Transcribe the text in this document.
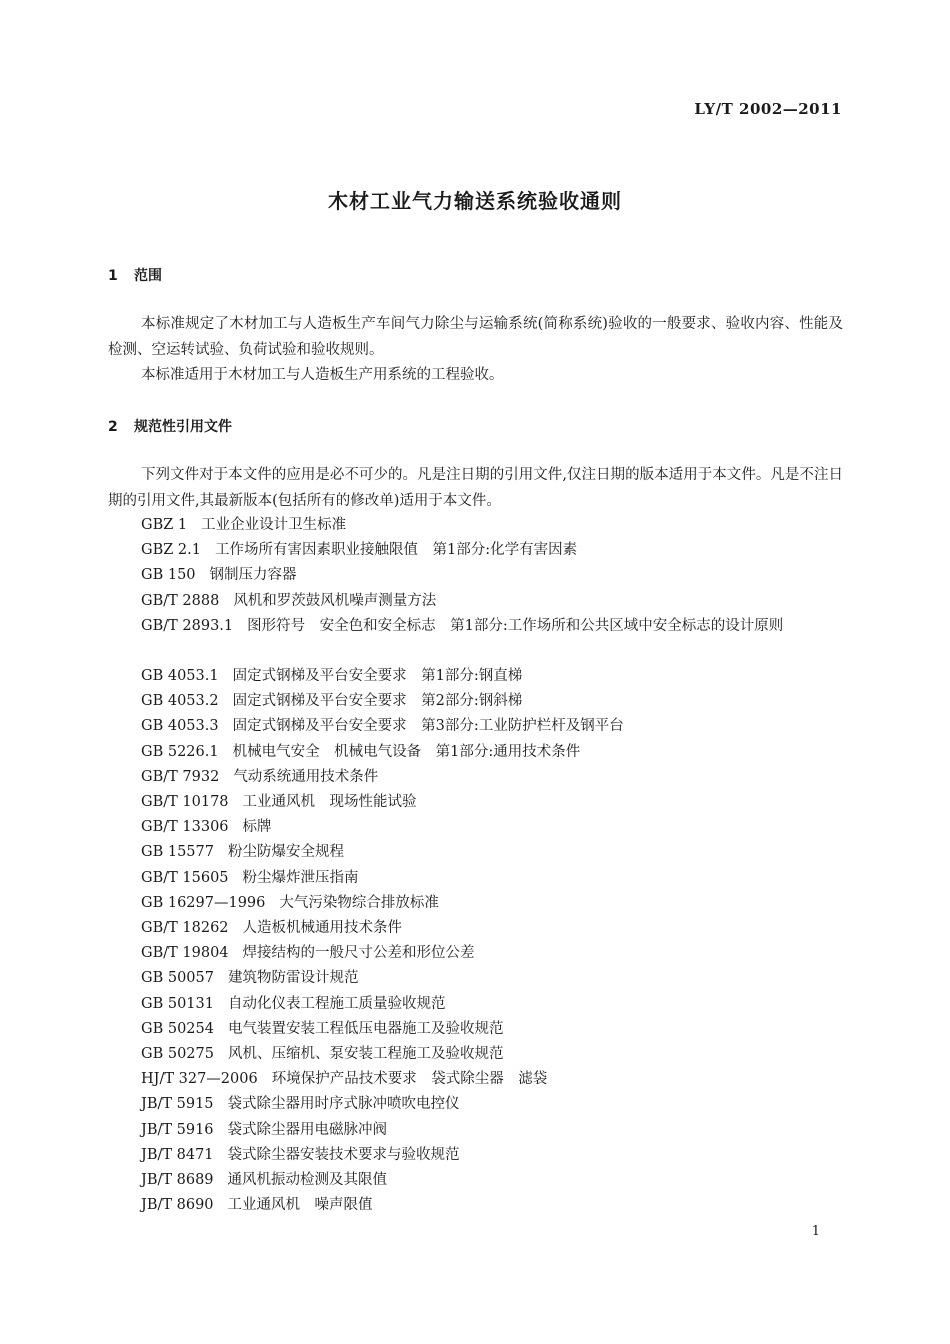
LY/T 2002—2011
木材工业气力输送系统验收通则
1 范围
本标准规定了木材加工与人造板生产车间气力除尘与运输系统(简称系统)验收的一般要求、验收内容、性能及检测、空运转试验、负荷试验和验收规则。
本标准适用于木材加工与人造板生产用系统的工程验收。
2 规范性引用文件
下列文件对于本文件的应用是必不可少的。凡是注日期的引用文件,仅注日期的版本适用于本文件。凡是不注日期的引用文件,其最新版本(包括所有的修改单)适用于本文件。
GBZ 1 工业企业设计卫生标准
GBZ 2.1 工作场所有害因素职业接触限值　第1部分:化学有害因素
GB 150 钢制压力容器
GB/T 2888 风机和罗茨鼓风机噪声测量方法
GB/T 2893.1 图形符号　安全色和安全标志　第1部分:工作场所和公共区域中安全标志的设计原则
GB 4053.1 固定式钢梯及平台安全要求　第1部分:钢直梯
GB 4053.2 固定式钢梯及平台安全要求　第2部分:钢斜梯
GB 4053.3 固定式钢梯及平台安全要求　第3部分:工业防护栏杆及钢平台
GB 5226.1 机械电气安全　机械电气设备　第1部分:通用技术条件
GB/T 7932 气动系统通用技术条件
GB/T 10178 工业通风机　现场性能试验
GB/T 13306 标牌
GB 15577 粉尘防爆安全规程
GB/T 15605 粉尘爆炸泄压指南
GB 16297—1996 大气污染物综合排放标准
GB/T 18262 人造板机械通用技术条件
GB/T 19804 焊接结构的一般尺寸公差和形位公差
GB 50057 建筑物防雷设计规范
GB 50131 自动化仪表工程施工质量验收规范
GB 50254 电气装置安装工程低压电器施工及验收规范
GB 50275 风机、压缩机、泵安装工程施工及验收规范
HJ/T 327—2006 环境保护产品技术要求　袋式除尘器　滤袋
JB/T 5915 袋式除尘器用时序式脉冲喷吹电控仪
JB/T 5916 袋式除尘器用电磁脉冲阀
JB/T 8471 袋式除尘器安装技术要求与验收规范
JB/T 8689 通风机振动检测及其限值
JB/T 8690 工业通风机　噪声限值
1
